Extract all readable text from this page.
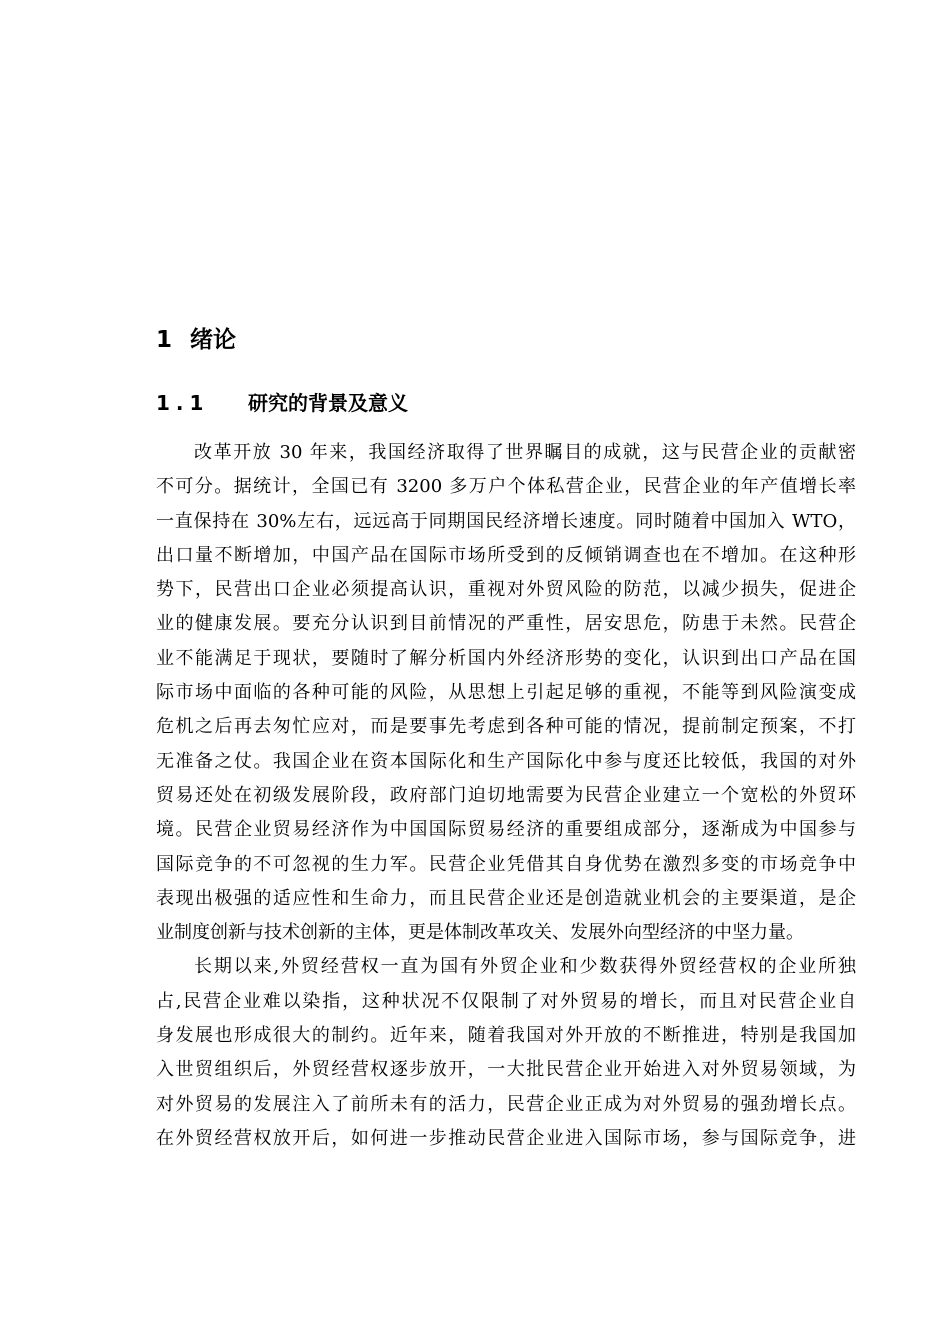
1 绪论
1.1 研究的背景及意义
改革开放 30 年来，我国经济取得了世界瞩目的成就，这与民营企业的贡献密
不可分。据统计，全国已有 3200 多万户个体私营企业，民营企业的年产值增长率
一直保持在 30%左右，远远高于同期国民经济增长速度。同时随着中国加入 WTO，
出口量不断增加，中国产品在国际市场所受到的反倾销调查也在不增加。在这种形
势下，民营出口企业必须提高认识，重视对外贸风险的防范，以减少损失，促进企
业的健康发展。要充分认识到目前情况的严重性，居安思危，防患于未然。民营企
业不能满足于现状，要随时了解分析国内外经济形势的变化，认识到出口产品在国
际市场中面临的各种可能的风险，从思想上引起足够的重视，不能等到风险演变成
危机之后再去匆忙应对，而是要事先考虑到各种可能的情况，提前制定预案，不打
无准备之仗。我国企业在资本国际化和生产国际化中参与度还比较低，我国的对外
贸易还处在初级发展阶段，政府部门迫切地需要为民营企业建立一个宽松的外贸环
境。民营企业贸易经济作为中国国际贸易经济的重要组成部分，逐渐成为中国参与
国际竞争的不可忽视的生力军。民营企业凭借其自身优势在激烈多变的市场竞争中
表现出极强的适应性和生命力，而且民营企业还是创造就业机会的主要渠道，是企
业制度创新与技术创新的主体，更是体制改革攻关、发展外向型经济的中坚力量。
长期以来,外贸经营权一直为国有外贸企业和少数获得外贸经营权的企业所独
占,民营企业难以染指，这种状况不仅限制了对外贸易的增长，而且对民营企业自
身发展也形成很大的制约。近年来，随着我国对外开放的不断推进，特别是我国加
入世贸组织后，外贸经营权逐步放开，一大批民营企业开始进入对外贸易领域，为
对外贸易的发展注入了前所未有的活力，民营企业正成为对外贸易的强劲增长点。
在外贸经营权放开后，如何进一步推动民营企业进入国际市场，参与国际竞争，进
